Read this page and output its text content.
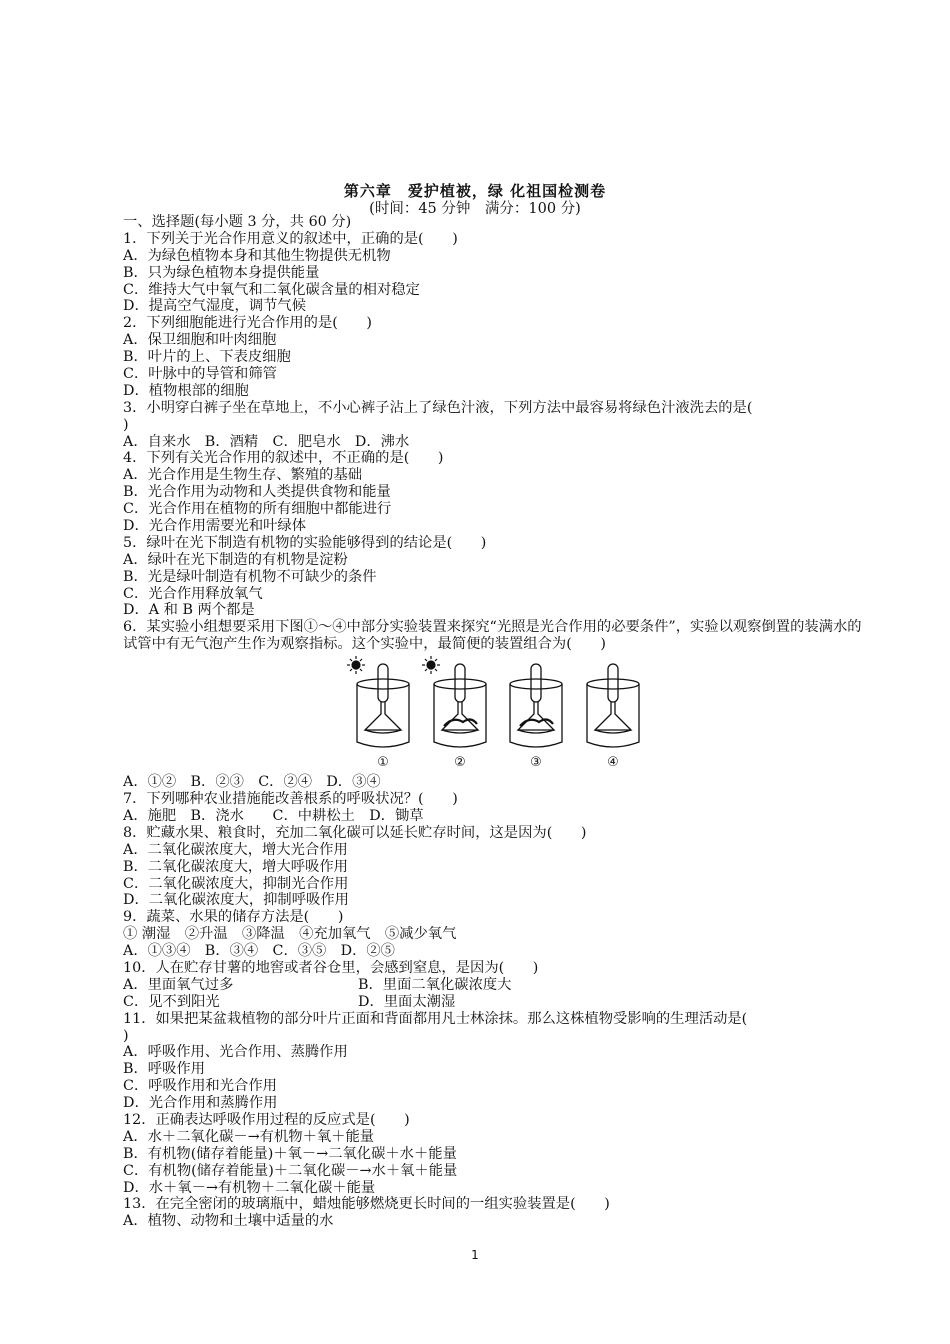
第六章　爱护植被，绿 化祖国检测卷
(时间：45 分钟　满分：100 分)
一、选择题(每小题 3 分，共 60 分)
1．下列关于光合作用意义的叙述中，正确的是(　　)
A．为绿色植物本身和其他生物提供无机物
B．只为绿色植物本身提供能量
C．维持大气中氧气和二氧化碳含量的相对稳定
D．提高空气湿度，调节气候
2．下列细胞能进行光合作用的是(　　)
A．保卫细胞和叶肉细胞
B．叶片的上、下表皮细胞
C．叶脉中的导管和筛管
D．植物根部的细胞
3．小明穿白裤子坐在草地上，不小心裤子沾上了绿色汁液，下列方法中最容易将绿色汁液洗去的是(
)
A．自来水　B．酒精　C．肥皂水　D．沸水
4．下列有关光合作用的叙述中，不正确的是(　　)
A．光合作用是生物生存、繁殖的基础
B．光合作用为动物和人类提供食物和能量
C．光合作用在植物的所有细胞中都能进行
D．光合作用需要光和叶绿体
5．绿叶在光下制造有机物的实验能够得到的结论是(　　)
A．绿叶在光下制造的有机物是淀粉
B．光是绿叶制造有机物不可缺少的条件
C．光合作用释放氧气
D．A 和 B 两个都是
6．某实验小组想要采用下图①～④中部分实验装置来探究“光照是光合作用的必要条件”，实验以观察倒置的装满水的试管中有无气泡产生作为观察指标。这个实验中，最简便的装置组合为(　　)
①	②	③	④
A．①②　B．②③　C．②④　D．③④
7．下列哪种农业措施能改善根系的呼吸状况？(　　)
A．施肥　B．浇水　　C．中耕松土　D．锄草
8．贮藏水果、粮食时，充加二氧化碳可以延长贮存时间，这是因为(　　)
A．二氧化碳浓度大，增大光合作用
B．二氧化碳浓度大，增大呼吸作用
C．二氧化碳浓度大，抑制光合作用
D．二氧化碳浓度大，抑制呼吸作用
9．蔬菜、水果的储存方法是(　　)
① 潮湿　②升温　③降温　④充加氧气　⑤减少氧气
A．①③④　B．③④　C．③⑤　D．②⑤
10．人在贮存甘薯的地窖或者谷仓里，会感到窒息，是因为(　　)
A．里面氧气过多	B．里面二氧化碳浓度大
C．见不到阳光	D．里面太潮湿
11．如果把某盆栽植物的部分叶片正面和背面都用凡士林涂抹。那么这株植物受影响的生理活动是(
)
A．呼吸作用、光合作用、蒸腾作用
B．呼吸作用
C．呼吸作用和光合作用
D．光合作用和蒸腾作用
12．正确表达呼吸作用过程的反应式是(　　)
A．水＋二氧化碳－→有机物＋氧＋能量
B．有机物(储存着能量)＋氧－→二氧化碳＋水＋能量
C．有机物(储存着能量)＋二氧化碳－→水＋氧＋能量
D．水＋氧－→有机物＋二氧化碳＋能量
13．在完全密闭的玻璃瓶中，蜡烛能够燃烧更长时间的一组实验装置是(　　)
A．植物、动物和土壤中适量的水
1
